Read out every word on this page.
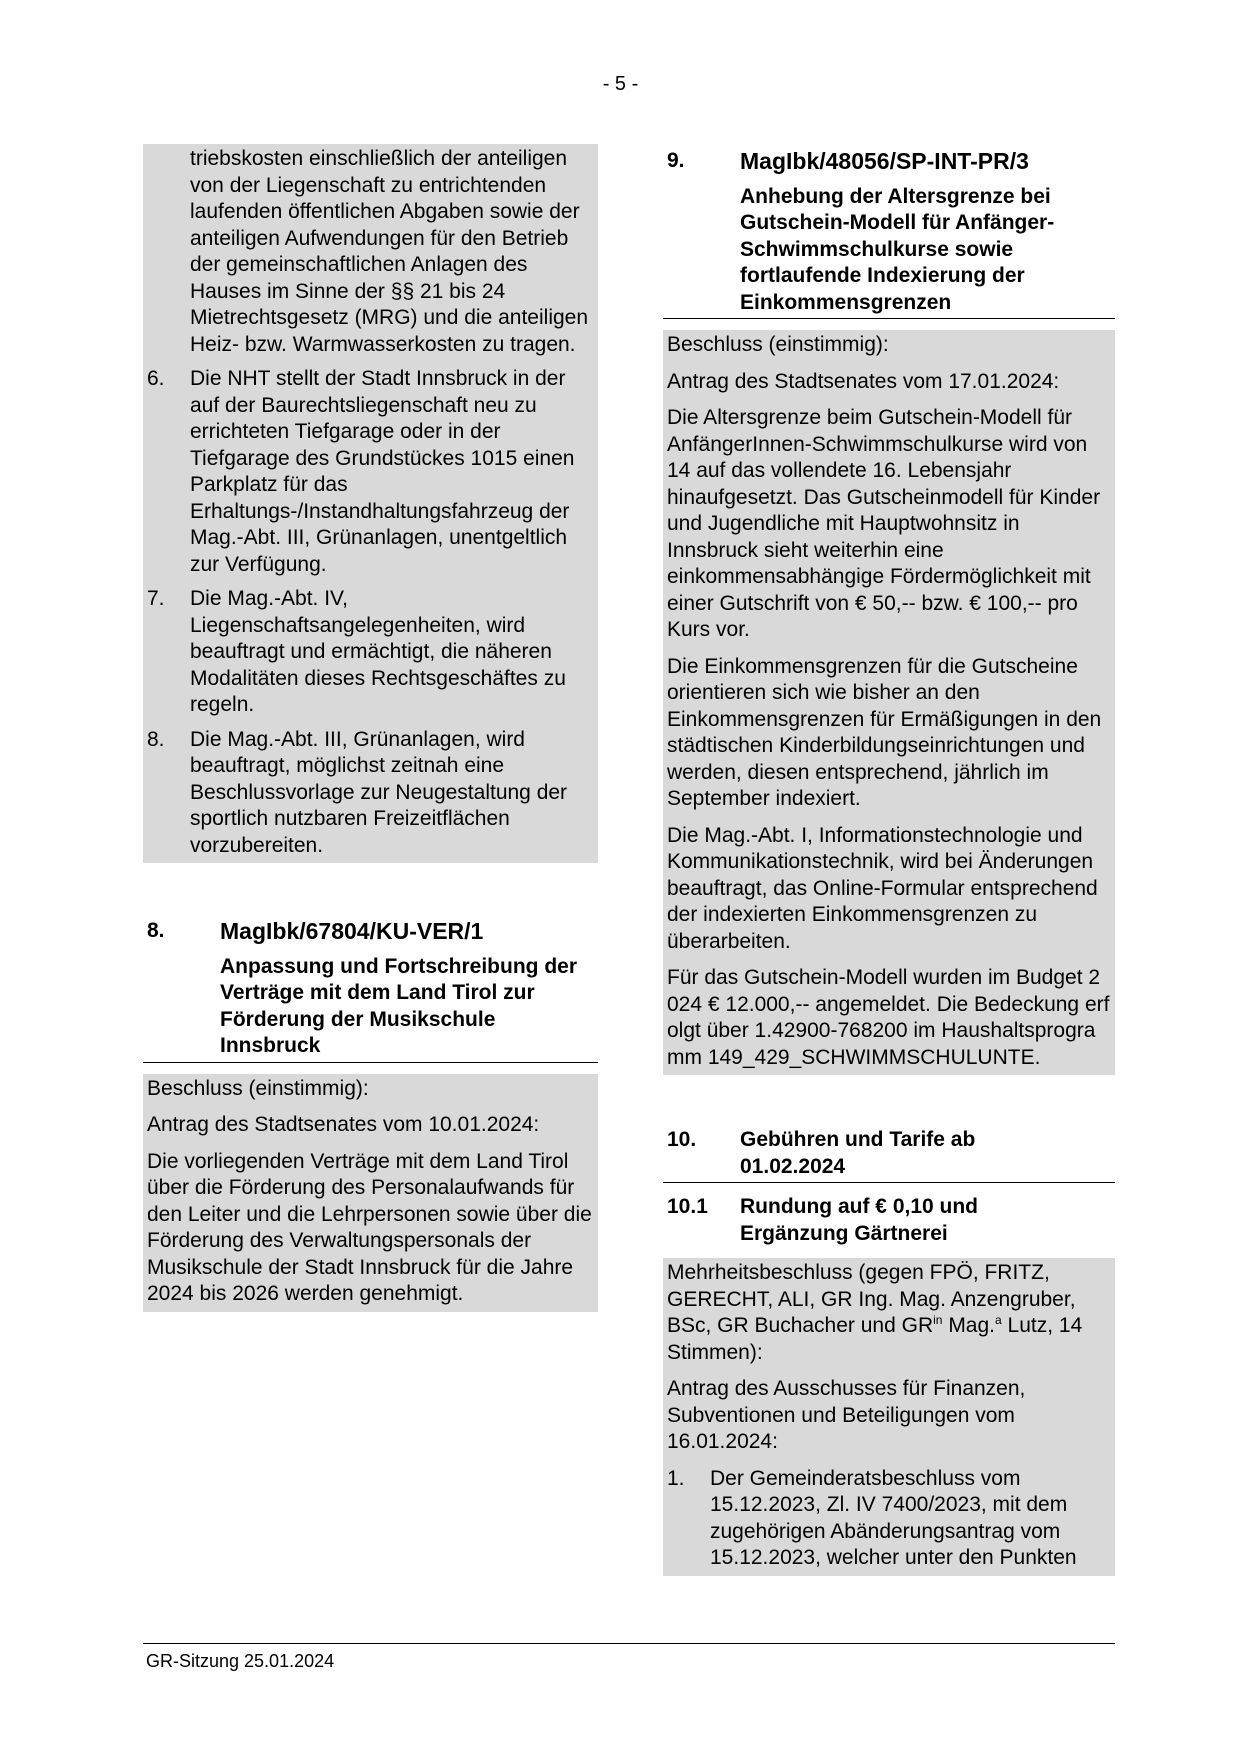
- 5 -
triebskosten einschließlich der anteiligen von der Liegenschaft zu entrichtenden laufenden öffentlichen Abgaben sowie der anteiligen Aufwendungen für den Betrieb der gemeinschaftlichen Anlagen des Hauses im Sinne der §§ 21 bis 24 Mietrechtsgesetz (MRG) und die anteiligen Heiz- bzw. Warmwasserkosten zu tragen.
6.	Die NHT stellt der Stadt Innsbruck in der auf der Baurechtsliegenschaft neu zu errichteten Tiefgarage oder in der Tiefgarage des Grundstückes 1015 einen Parkplatz für das Erhaltungs-/Instandhaltungsfahrzeug der Mag.-Abt. III, Grünanlagen, unentgeltlich zur Verfügung.
7.	Die Mag.-Abt. IV, Liegenschaftsangelegenheiten, wird beauftragt und ermächtigt, die näheren Modalitäten dieses Rechtsgeschäftes zu regeln.
8.	Die Mag.-Abt. III, Grünanlagen, wird beauftragt, möglichst zeitnah eine Beschlussvorlage zur Neugestaltung der sportlich nutzbaren Freizeitflächen vorzubereiten.
8.	MagIbk/67804/KU-VER/1
Anpassung und Fortschreibung der Verträge mit dem Land Tirol zur Förderung der Musikschule Innsbruck

Beschluss (einstimmig):

Antrag des Stadtsenates vom 10.01.2024:

Die vorliegenden Verträge mit dem Land Tirol über die Förderung des Personalaufwands für den Leiter und die Lehrpersonen sowie über die Förderung des Verwaltungspersonals der Musikschule der Stadt Innsbruck für die Jahre 2024 bis 2026 werden genehmigt.

9.	MagIbk/48056/SP-INT-PR/3
Anhebung der Altersgrenze bei Gutschein-Modell für Anfänger-Schwimmschulkurse sowie fortlaufende Indexierung der Einkommensgrenzen

Beschluss (einstimmig):

Antrag des Stadtsenates vom 17.01.2024:

Die Altersgrenze beim Gutschein-Modell für AnfängerInnen-Schwimmschulkurse wird von 14 auf das vollendete 16. Lebensjahr hinaufgesetzt. Das Gutscheinmodell für Kinder und Jugendliche mit Hauptwohnsitz in Innsbruck sieht weiterhin eine einkommensabhängige Fördermöglichkeit mit einer Gutschrift von € 50,-- bzw. € 100,-- pro Kurs vor.

Die Einkommensgrenzen für die Gutscheine orientieren sich wie bisher an den Einkommensgrenzen für Ermäßigungen in den städtischen Kinderbildungseinrichtungen und werden, diesen entsprechend, jährlich im September indexiert.

Die Mag.-Abt. I, Informationstechnologie und Kommunikationstechnik, wird bei Änderungen beauftragt, das Online-Formular entsprechend der indexierten Einkommensgrenzen zu überarbeiten.

Für das Gutschein-Modell wurden im Budget 2024 € 12.000,-- angemeldet. Die Bedeckung erfolgt über 1.42900-768200 im Haushaltsprogramm 149_429_SCHWIMMSCHULUNTE.

10.	Gebühren und Tarife ab 01.02.2024
10.1	Rundung auf € 0,10 und Ergänzung Gärtnerei

Mehrheitsbeschluss (gegen FPÖ, FRITZ, GERECHT, ALI, GR Ing. Mag. Anzengruber, BSc, GR Buchacher und $GR^{in}$ Mag.$^a$ Lutz, 14 Stimmen):

Antrag des Ausschusses für Finanzen, Subventionen und Beteiligungen vom 16.01.2024:

1.	Der Gemeinderatsbeschluss vom 15.12.2023, Zl. IV 7400/2023, mit dem zugehörigen Abänderungsantrag vom 15.12.2023, welcher unter den Punkten
GR-Sitzung 25.01.2024
